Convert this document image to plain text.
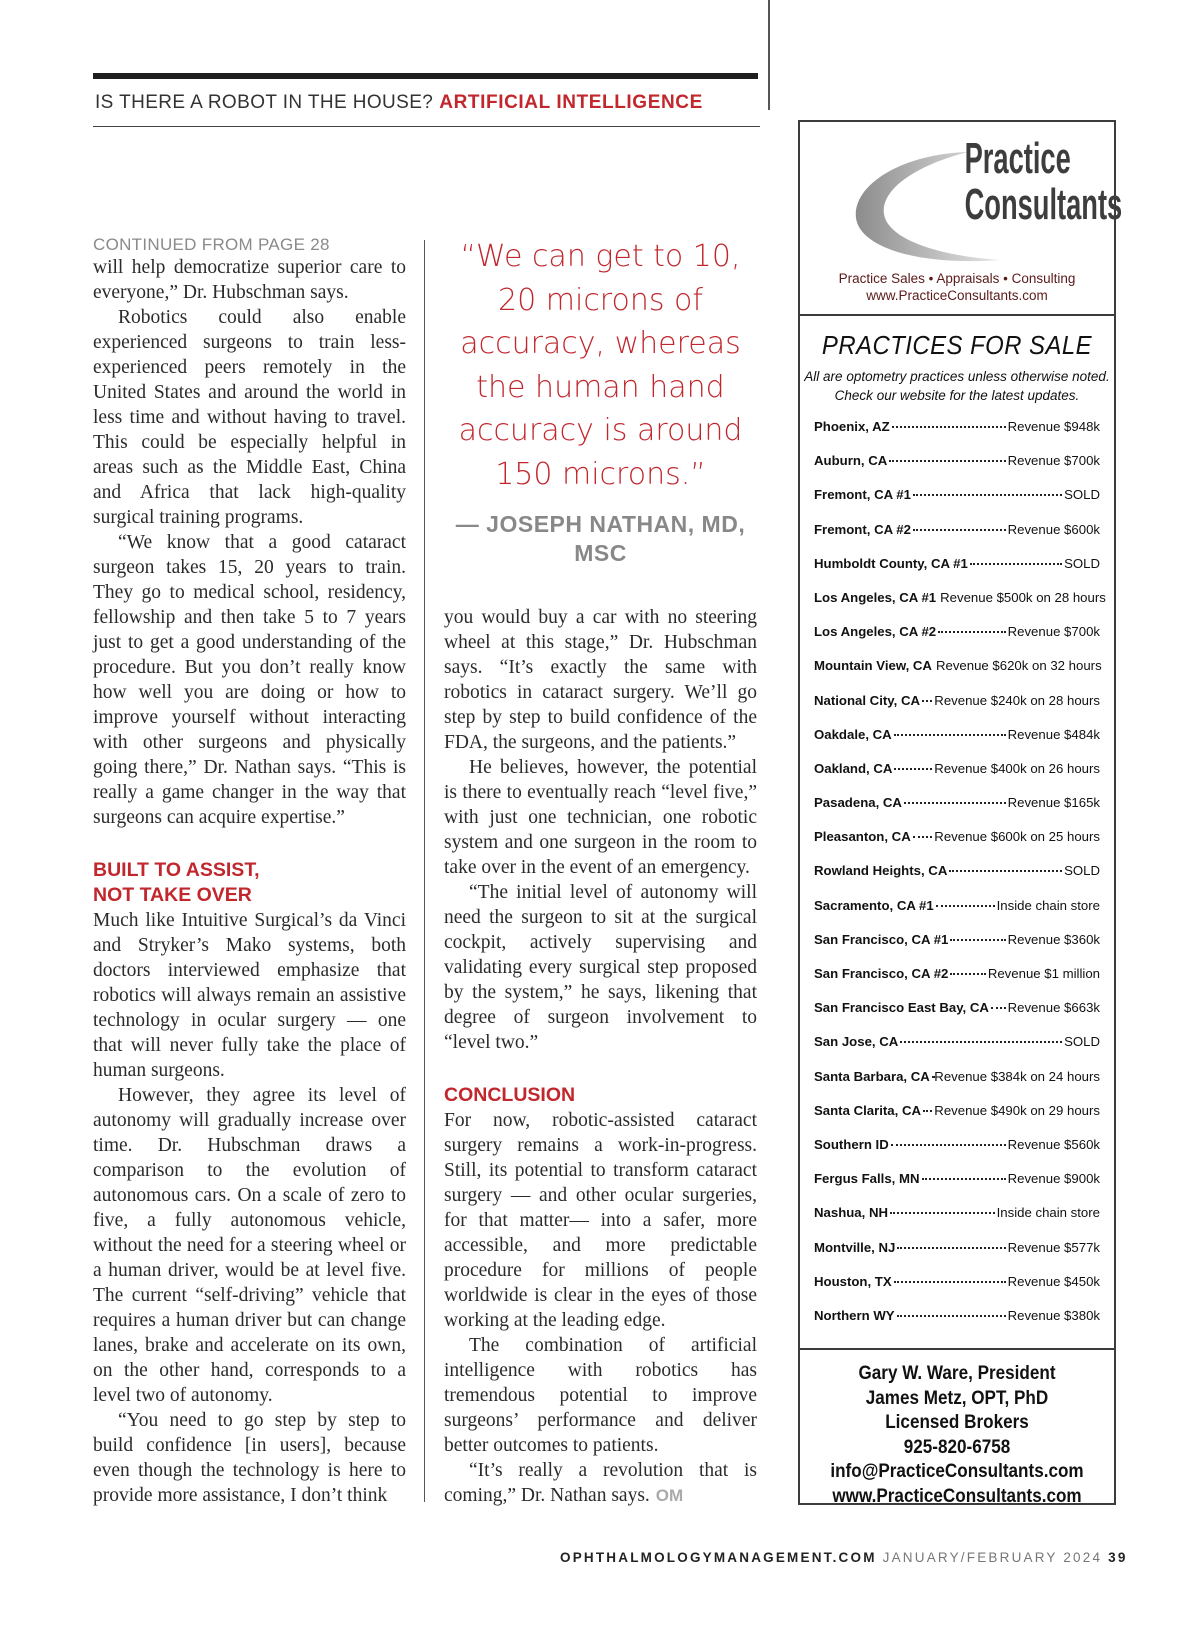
IS THERE A ROBOT IN THE HOUSE? ARTIFICIAL INTELLIGENCE

CONTINUED FROM PAGE 28

will help democratize superior care to everyone,” Dr. Hubschman says.

Robotics could also enable experienced surgeons to train less-experienced peers remotely in the United States and around the world in less time and without having to travel. This could be especially helpful in areas such as the Middle East, China and Africa that lack high-quality surgical training programs.

“We know that a good cataract surgeon takes 15, 20 years to train. They go to medical school, residency, fellowship and then take 5 to 7 years just to get a good understanding of the procedure. But you don’t really know how well you are doing or how to improve yourself without interacting with other surgeons and physically going there,” Dr. Nathan says. “This is really a game changer in the way that surgeons can acquire expertise.”

BUILT TO ASSIST,
NOT TAKE OVER

Much like Intuitive Surgical’s da Vinci and Stryker’s Mako systems, both doctors interviewed emphasize that robotics will always remain an assistive technology in ocular surgery — one that will never fully take the place of human surgeons.

However, they agree its level of autonomy will gradually increase over time. Dr. Hubschman draws a comparison to the evolution of autonomous cars. On a scale of zero to five, a fully autonomous vehicle, without the need for a steering wheel or a human driver, would be at level five. The current “self-driving” vehicle that requires a human driver but can change lanes, brake and accelerate on its own, on the other hand, corresponds to a level two of autonomy.

“You need to go step by step to build confidence [in users], because even though the technology is here to provide more assistance, I don’t think

“We can get to 10, 20 microns of accuracy, whereas the human hand accuracy is around 150 microns.”
— JOSEPH NATHAN, MD, MSC

you would buy a car with no steering wheel at this stage,” Dr. Hubschman says. “It’s exactly the same with robotics in cataract surgery. We’ll go step by step to build confidence of the FDA, the surgeons, and the patients.”

He believes, however, the potential is there to eventually reach “level five,” with just one technician, one robotic system and one surgeon in the room to take over in the event of an emergency.

“The initial level of autonomy will need the surgeon to sit at the surgical cockpit, actively supervising and validating every surgical step proposed by the system,” he says, likening that degree of surgeon involvement to “level two.”

CONCLUSION

For now, robotic-assisted cataract surgery remains a work-in-progress. Still, its potential to transform cataract surgery — and other ocular surgeries, for that matter— into a safer, more accessible, and more predictable procedure for millions of people worldwide is clear in the eyes of those working at the leading edge.

The combination of artificial intelligence with robotics has tremendous potential to improve surgeons’ performance and deliver better outcomes to patients.

“It’s really a revolution that is coming,” Dr. Nathan says. OM

Practice
Consultants
Practice Sales • Appraisals • Consulting
www.PracticeConsultants.com
PRACTICES FOR SALE
All are optometry practices unless otherwise noted.
Check our website for the latest updates.
Phoenix, AZ	Revenue $948k
Auburn, CA	Revenue $700k
Fremont, CA #1	SOLD
Fremont, CA #2	Revenue $600k
Humboldt County, CA #1	SOLD
Los Angeles, CA #1 Revenue $500k on 28 hours
Los Angeles, CA #2	Revenue $700k
Mountain View, CA Revenue $620k on 32 hours
National City, CA Revenue $240k on 28 hours
Oakdale, CA	Revenue $484k
Oakland, CA	Revenue $400k on 26 hours
Pasadena, CA	Revenue $165k
Pleasanton, CA Revenue $600k on 25 hours
Rowland Heights, CA	SOLD
Sacramento, CA #1	Inside chain store
San Francisco, CA #1	Revenue $360k
San Francisco, CA #2	Revenue $1 million
San Francisco East Bay, CA Revenue $663k
San Jose, CA	SOLD
Santa Barbara, CA Revenue $384k on 24 hours
Santa Clarita, CA Revenue $490k on 29 hours
Southern ID	Revenue $560k
Fergus Falls, MN	Revenue $900k
Nashua, NH	Inside chain store
Montville, NJ	Revenue $577k
Houston, TX	Revenue $450k
Northern WY	Revenue $380k
Gary W. Ware, President
James Metz, OPT, PhD
Licensed Brokers
925-820-6758
info@PracticeConsultants.com
www.PracticeConsultants.com
OPHTHALMOLOGYMANAGEMENT.COM JANUARY/FEBRUARY 2024 39
